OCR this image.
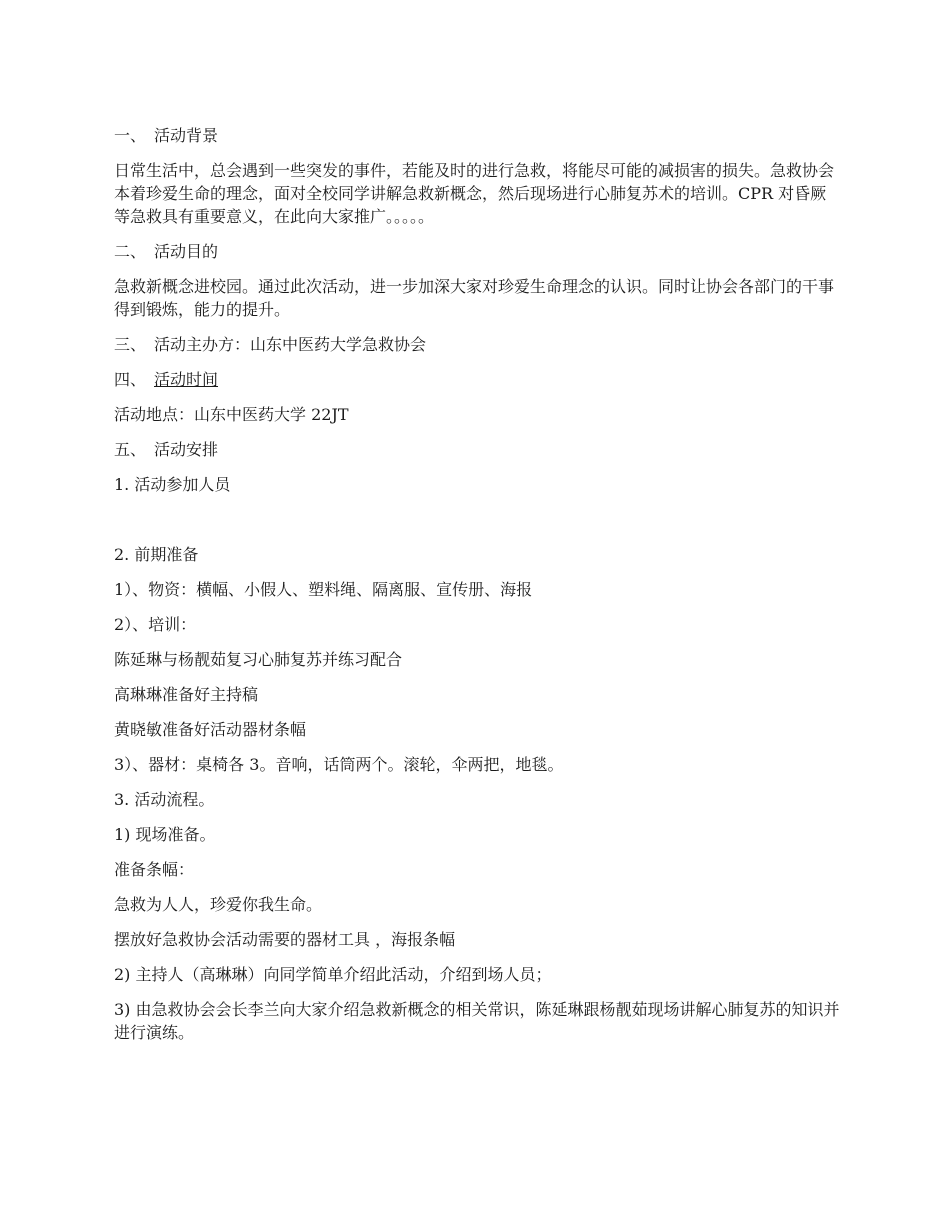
一、 活动背景

日常生活中，总会遇到一些突发的事件，若能及时的进行急救，将能尽可能的减损害的损失。急救协会本着珍爱生命的理念，面对全校同学讲解急救新概念，然后现场进行心肺复苏术的培训。CPR 对昏厥等急救具有重要意义，在此向大家推广。。。。。

二、 活动目的

急救新概念进校园。通过此次活动，进一步加深大家对珍爱生命理念的认识。同时让协会各部门的干事得到锻炼，能力的提升。

三、 活动主办方：山东中医药大学急救协会

四、 活动时间

活动地点：山东中医药大学 22JT

五、 活动安排

1. 活动参加人员

2. 前期准备

1）、物资：横幅、小假人、塑料绳、隔离服、宣传册、海报

2）、培训：

陈延琳与杨靓茹复习心肺复苏并练习配合

高琳琳准备好主持稿

黄晓敏准备好活动器材条幅

3）、器材：桌椅各 3。音响，话筒两个。滚轮，伞两把，地毯。

3. 活动流程。

1) 现场准备。

准备条幅：

急救为人人，珍爱你我生命。

摆放好急救协会活动需要的器材工具 ，海报条幅

2) 主持人（高琳琳）向同学简单介绍此活动，介绍到场人员；

3) 由急救协会会长李兰向大家介绍急救新概念的相关常识，陈延琳跟杨靓茹现场讲解心肺复苏的知识并进行演练。
